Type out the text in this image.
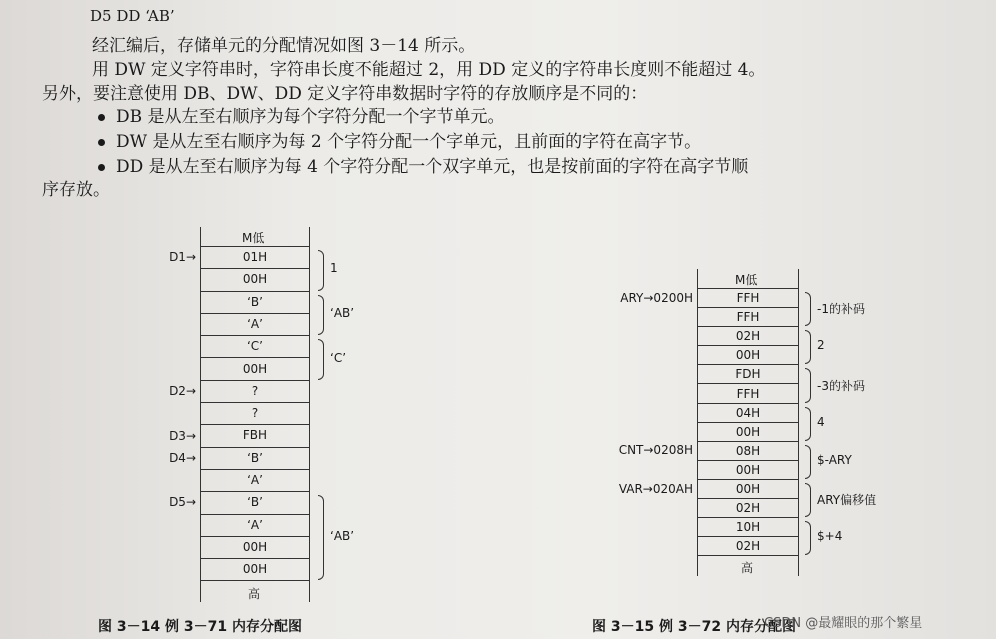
D5 DD ‘AB’
经汇编后，存储单元的分配情况如图 3－14 所示。
用 DW 定义字符串时，字符串长度不能超过 2，用 DD 定义的字符串长度则不能超过 4。
另外，要注意使用 DB、DW、DD 定义字符串数据时字符的存放顺序是不同的：
DB 是从左至右顺序为每个字符分配一个字节单元。
DW 是从左至右顺序为每 2 个字符分配一个字单元，且前面的字符在高字节。
DD 是从左至右顺序为每 4 个字符分配一个双字单元，也是按前面的字符在高字节顺
序存放。
图 3－14 例 3－71 内存分配图	图 3－15 例 3－72 内存分配图
CSDN @最耀眼的那个繁星
M低
01H
00H
‘B’
‘A’
‘C’
00H
?
?
FBH
‘B’
‘A’
‘B’
‘A’
00H
00H
高
D1→
D2→
D3→
D4→
D5→
1
‘AB’
‘C’
‘AB’
M低
FFH
FFH
02H
00H
FDH
FFH
04H
00H
08H
00H
00H
02H
10H
02H
高
ARY→0200H
CNT→0208H
VAR→020AH
-1的补码
2
-3的补码
4
$-ARY
ARY偏移值
$+4
